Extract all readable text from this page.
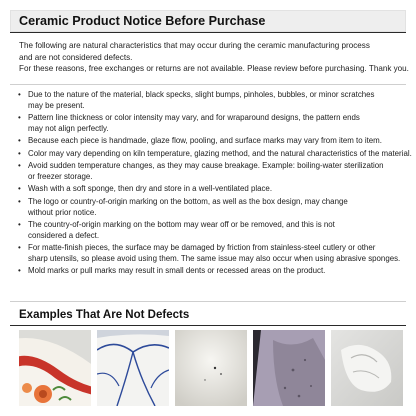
Ceramic Product Notice Before Purchase

The following are natural characteristics that may occur during the ceramic manufacturing process

and are not considered defects.

For these reasons, free exchanges or returns are not available. Please review before purchasing. Thank you.

• Due to the nature of the material, black specks, slight bumps, pinholes, bubbles, or minor scratches
may be present.
• Pattern line thickness or color intensity may vary, and for wraparound designs, the pattern ends
may not align perfectly.
• Because each piece is handmade, glaze flow, pooling, and surface marks may vary from item to item.
• Color may vary depending on kiln temperature, glazing method, and the natural characteristics of the material.
• Avoid sudden temperature changes, as they may cause breakage. Example: boiling-water sterilization
or freezer storage.
• Wash with a soft sponge, then dry and store in a well-ventilated place.
• The logo or country-of-origin marking on the bottom, as well as the box design, may change
without prior notice.
• The country-of-origin marking on the bottom may wear off or be removed, and this is not
considered a defect.
• For matte-finish pieces, the surface may be damaged by friction from stainless-steel cutlery or other
sharp utensils, so please avoid using them. The same issue may also occur when using abrasive sponges.
• Mold marks or pull marks may result in small dents or recessed areas on the product.
Examples That Are Not Defects
